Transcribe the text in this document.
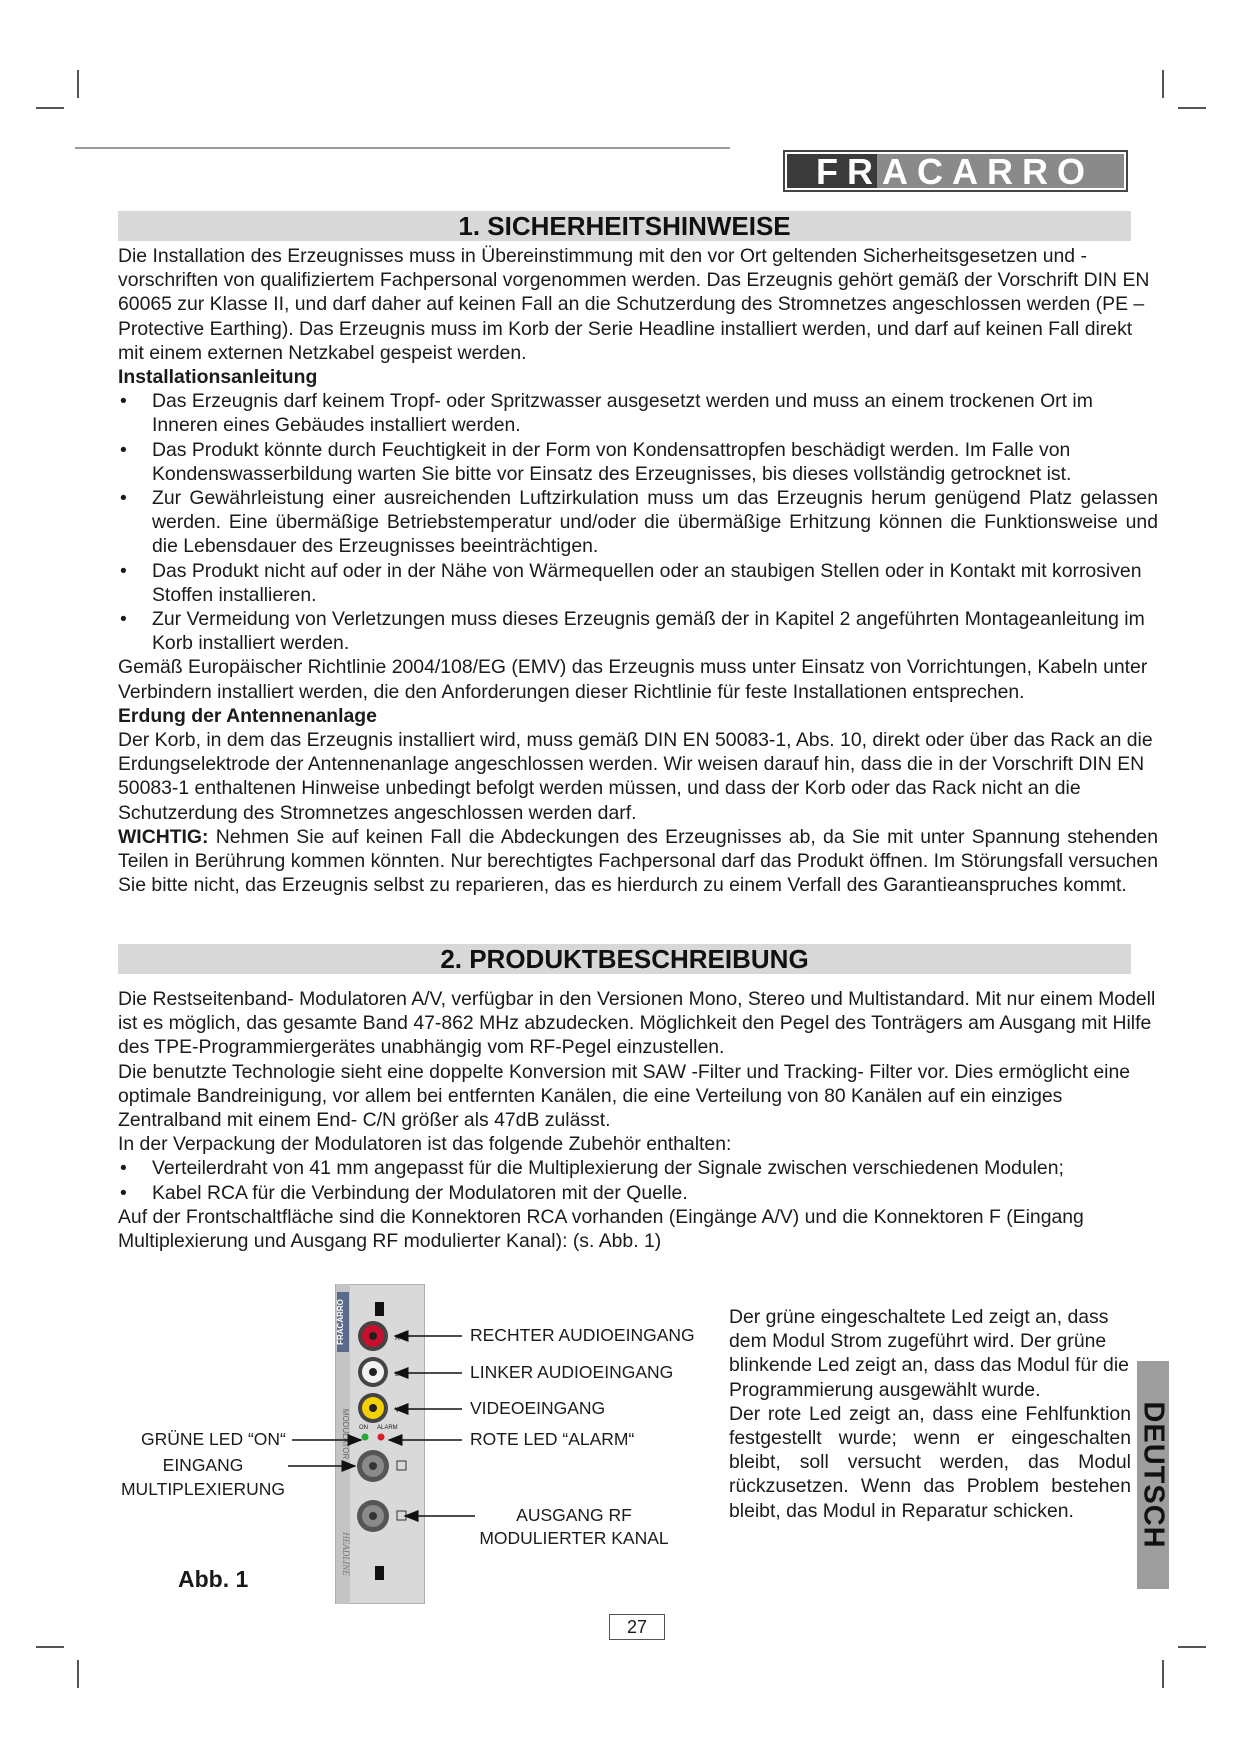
FRACARRO
1. SICHERHEITSHINWEISE

Die Installation des Erzeugnisses muss in Übereinstimmung mit den vor Ort geltenden Sicherheitsgesetzen und -vorschriften von qualifiziertem Fachpersonal vorgenommen werden. Das Erzeugnis gehört gemäß der Vorschrift DIN EN 60065 zur Klasse II, und darf daher auf keinen Fall an die Schutzerdung des Stromnetzes angeschlossen werden (PE – Protective Earthing). Das Erzeugnis muss im Korb der Serie Headline installiert werden, und darf auf keinen Fall direkt mit einem externen Netzkabel gespeist werden.

Installationsanleitung

• Das Erzeugnis darf keinem Tropf- oder Spritzwasser ausgesetzt werden und muss an einem trockenen Ort im Inneren eines Gebäudes installiert werden.
• Das Produkt könnte durch Feuchtigkeit in der Form von Kondensattropfen beschädigt werden. Im Falle von Kondenswasserbildung warten Sie bitte vor Einsatz des Erzeugnisses, bis dieses vollständig getrocknet ist.
• Zur Gewährleistung einer ausreichenden Luftzirkulation muss um das Erzeugnis herum genügend Platz gelassen werden. Eine übermäßige Betriebstemperatur und/oder die übermäßige Erhitzung können die Funktionsweise und die Lebensdauer des Erzeugnisses beeinträchtigen.
• Das Produkt nicht auf oder in der Nähe von Wärmequellen oder an staubigen Stellen oder in Kontakt mit korrosiven Stoffen installieren.
• Zur Vermeidung von Verletzungen muss dieses Erzeugnis gemäß der in Kapitel 2 angeführten Montageanleitung im Korb installiert werden.

Gemäß Europäischer Richtlinie 2004/108/EG (EMV) das Erzeugnis muss unter Einsatz von Vorrichtungen, Kabeln unter Verbindern installiert werden, die den Anforderungen dieser Richtlinie für feste Installationen entsprechen.

Erdung der Antennenanlage

Der Korb, in dem das Erzeugnis installiert wird, muss gemäß DIN EN 50083-1, Abs. 10, direkt oder über das Rack an die Erdungselektrode der Antennenanlage angeschlossen werden. Wir weisen darauf hin, dass die in der Vorschrift DIN EN 50083-1 enthaltenen Hinweise unbedingt befolgt werden müssen, und dass der Korb oder das Rack nicht an die Schutzerdung des Stromnetzes angeschlossen werden darf.

WICHTIG: Nehmen Sie auf keinen Fall die Abdeckungen des Erzeugnisses ab, da Sie mit unter Spannung stehenden Teilen in Berührung kommen könnten. Nur berechtigtes Fachpersonal darf das Produkt öffnen. Im Störungsfall versuchen Sie bitte nicht, das Erzeugnis selbst zu reparieren, das es hierdurch zu einem Verfall des Garantieanspruches kommt.

2. PRODUKTBESCHREIBUNG

Die Restseitenband- Modulatoren A/V, verfügbar in den Versionen Mono, Stereo und Multistandard. Mit nur einem Modell ist es möglich, das gesamte Band 47-862 MHz abzudecken. Möglichkeit den Pegel des Tonträgers am Ausgang mit Hilfe des TPE-Programmiergerätes unabhängig vom RF-Pegel einzustellen.

Die benutzte Technologie sieht eine doppelte Konversion mit SAW -Filter und Tracking- Filter vor. Dies ermöglicht eine optimale Bandreinigung, vor allem bei entfernten Kanälen, die eine Verteilung von 80 Kanälen auf ein einziges Zentralband mit einem End- C/N größer als 47dB zulässt.

In der Verpackung der Modulatoren ist das folgende Zubehör enthalten:

• Verteilerdraht von 41 mm angepasst für die Multiplexierung der Signale zwischen verschiedenen Modulen;
• Kabel RCA für die Verbindung der Modulatoren mit der Quelle.

Auf der Frontschaltfläche sind die Konnektoren RCA vorhanden (Eingänge A/V) und die Konnektoren F (Eingang Multiplexierung und Ausgang RF modulierter Kanal): (s. Abb. 1)

FRACARRO
MODULATOR
HEADLINE
R
L
V
ON ALARM
RECHTER AUDIOEINGANG
LINKER AUDIOEINGANG
VIDEOEINGANG
ROTE LED “ALARM“
GRÜNE LED “ON“
EINGANG MULTIPLEXIERUNG
AUSGANG RF MODULIERTER KANAL
Abb. 1

Der grüne eingeschaltete Led zeigt an, dass dem Modul Strom zugeführt wird. Der grüne blinkende Led zeigt an, dass das Modul für die Programmierung ausgewählt wurde.

Der rote Led zeigt an, dass eine Fehlfunktion festgestellt wurde; wenn er eingeschalten bleibt, soll versucht werden, das Modul rückzusetzen. Wenn das Problem bestehen bleibt, das Modul in Reparatur schicken.	DEUTSCH
27
